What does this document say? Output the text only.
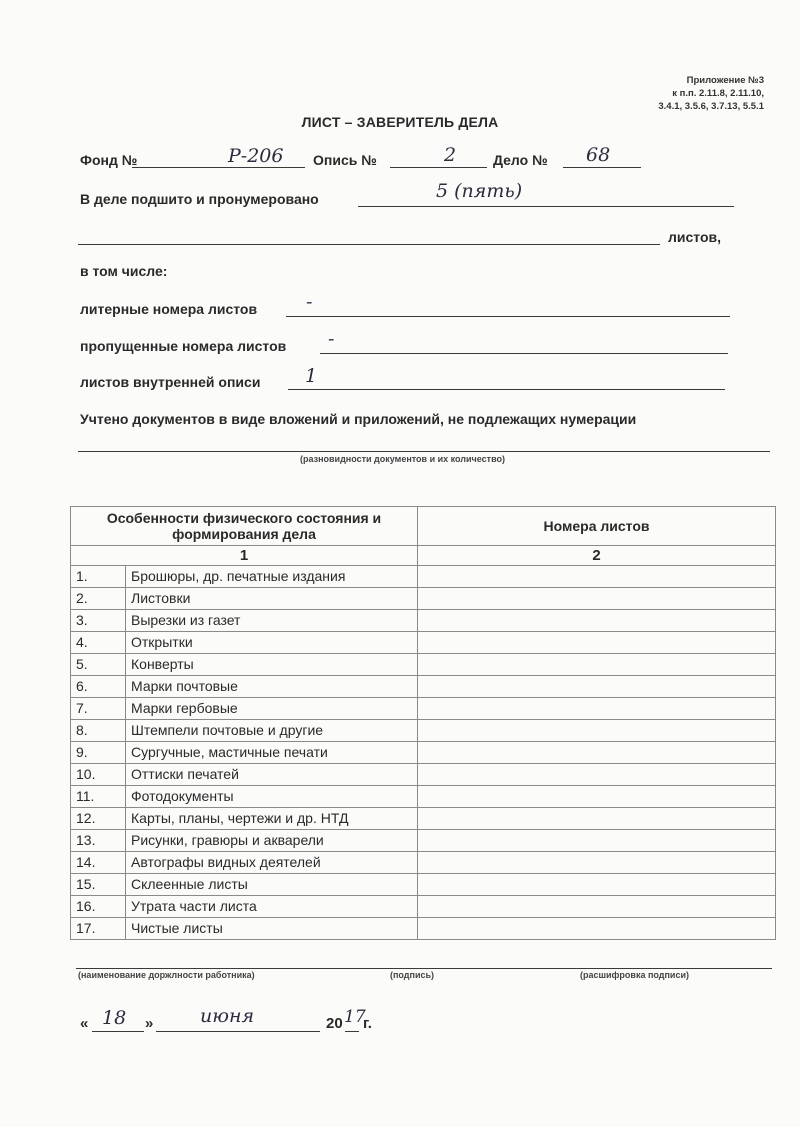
Приложение №3
к п.п. 2.11.8, 2.11.10,
3.4.1, 3.5.6, 3.7.13, 5.5.1
ЛИСТ – ЗАВЕРИТЕЛЬ ДЕЛА
Фонд №	Р-206 Опись №	2	Дело № 68
В деле подшито и пронумеровано	5 (пять)
листов,
в том числе:
литерные номера листов	-
пропущенные номера листов -
листов внутренней описи 1
Учтено документов в виде вложений и приложений, не подлежащих нумерации
(разновидности документов и их количество)
Особенности физического состояния и формирования дела		Номера листов
1		2
1.	Брошюры, др. печатные издания	
2.	Листовки	
3.	Вырезки из газет	
4.	Открытки	
5.	Конверты	
6.	Марки почтовые	
7.	Марки гербовые	
8.	Штемпели почтовые и другие	
9.	Сургучные, мастичные печати	
10.	Оттиски печатей	
11.	Фотодокументы	
12.	Карты, планы, чертежи и др. НТД	
13.	Рисунки, гравюры и акварели	
14.	Автографы видных деятелей	
15.	Склеенные листы	
16.	Утрата части листа	
17.	Чистые листы	
(наименование доржлности работника)	(подпись)	(расшифровка подписи)
« 18 » июня	20 17
г.
